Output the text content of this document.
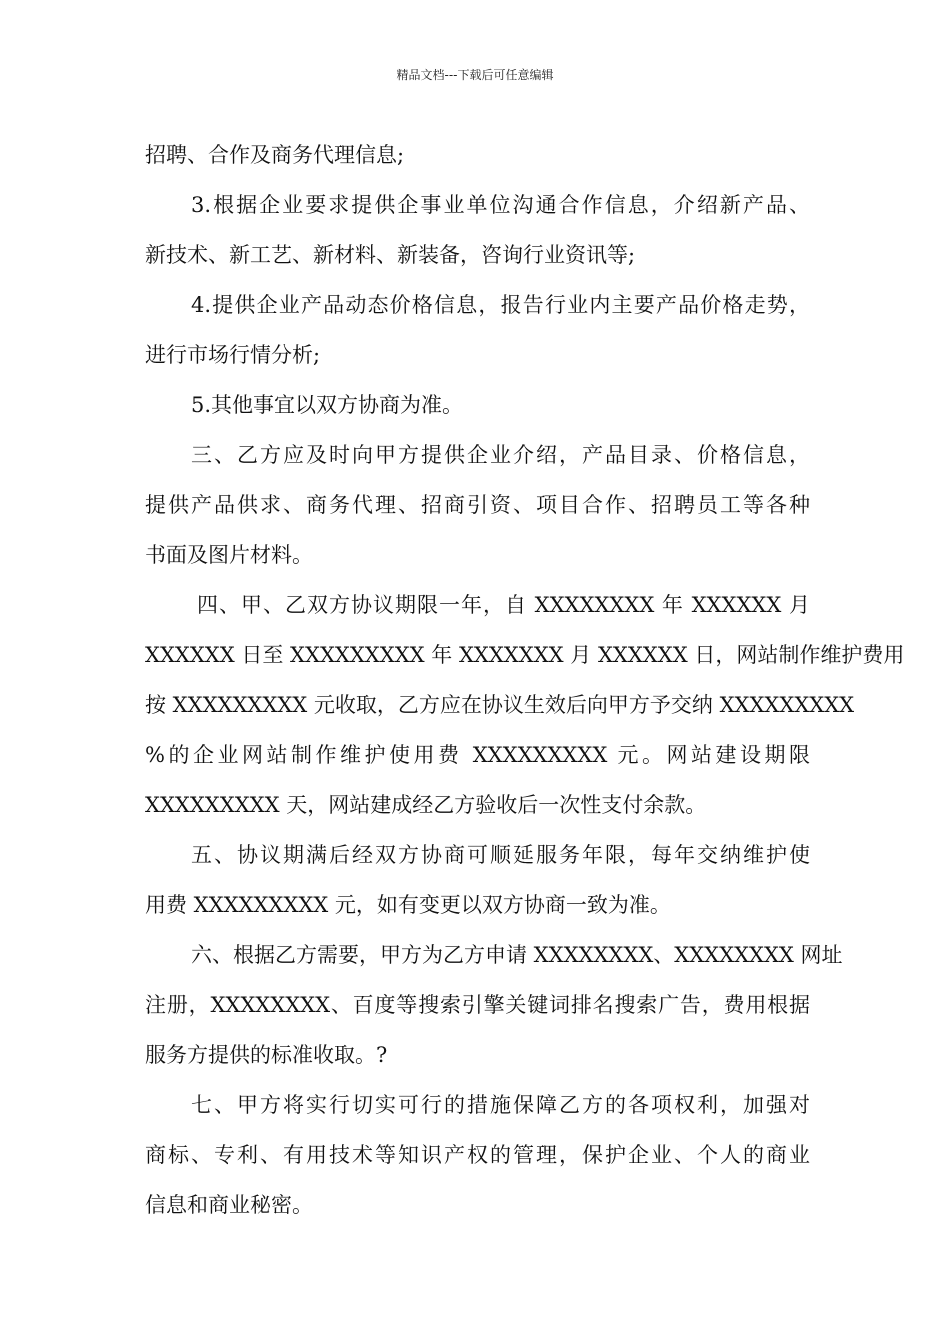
精品文档---下载后可任意编辑
招聘、合作及商务代理信息;
3.根据企业要求提供企事业单位沟通合作信息，介绍新产品、
新技术、新工艺、新材料、新装备，咨询行业资讯等;
4.提供企业产品动态价格信息，报告行业内主要产品价格走势，
进行市场行情分析;
5.其他事宜以双方协商为准。
三、乙方应及时向甲方提供企业介绍，产品目录、价格信息，
提供产品供求、商务代理、招商引资、项目合作、招聘员工等各种
书面及图片材料。
四、甲、乙双方协议期限一年，自 XXXXXXXX 年 XXXXXX 月
XXXXXX 日至 XXXXXXXXX 年 XXXXXXX 月 XXXXXX 日，网站制作维护费用
按 XXXXXXXXX 元收取，乙方应在协议生效后向甲方予交纳 XXXXXXXXX
%的企业网站制作维护使用费 XXXXXXXXX 元。网站建设期限
XXXXXXXXX 天，网站建成经乙方验收后一次性支付余款。
五、协议期满后经双方协商可顺延服务年限，每年交纳维护使
用费 XXXXXXXXX 元，如有变更以双方协商一致为准。
六、根据乙方需要，甲方为乙方申请 XXXXXXXX、XXXXXXXX 网址
注册，XXXXXXXX、百度等搜索引擎关键词排名搜索广告，费用根据
服务方提供的标准收取。?
七、甲方将实行切实可行的措施保障乙方的各项权利，加强对
商标、专利、有用技术等知识产权的管理，保护企业、个人的商业
信息和商业秘密。
